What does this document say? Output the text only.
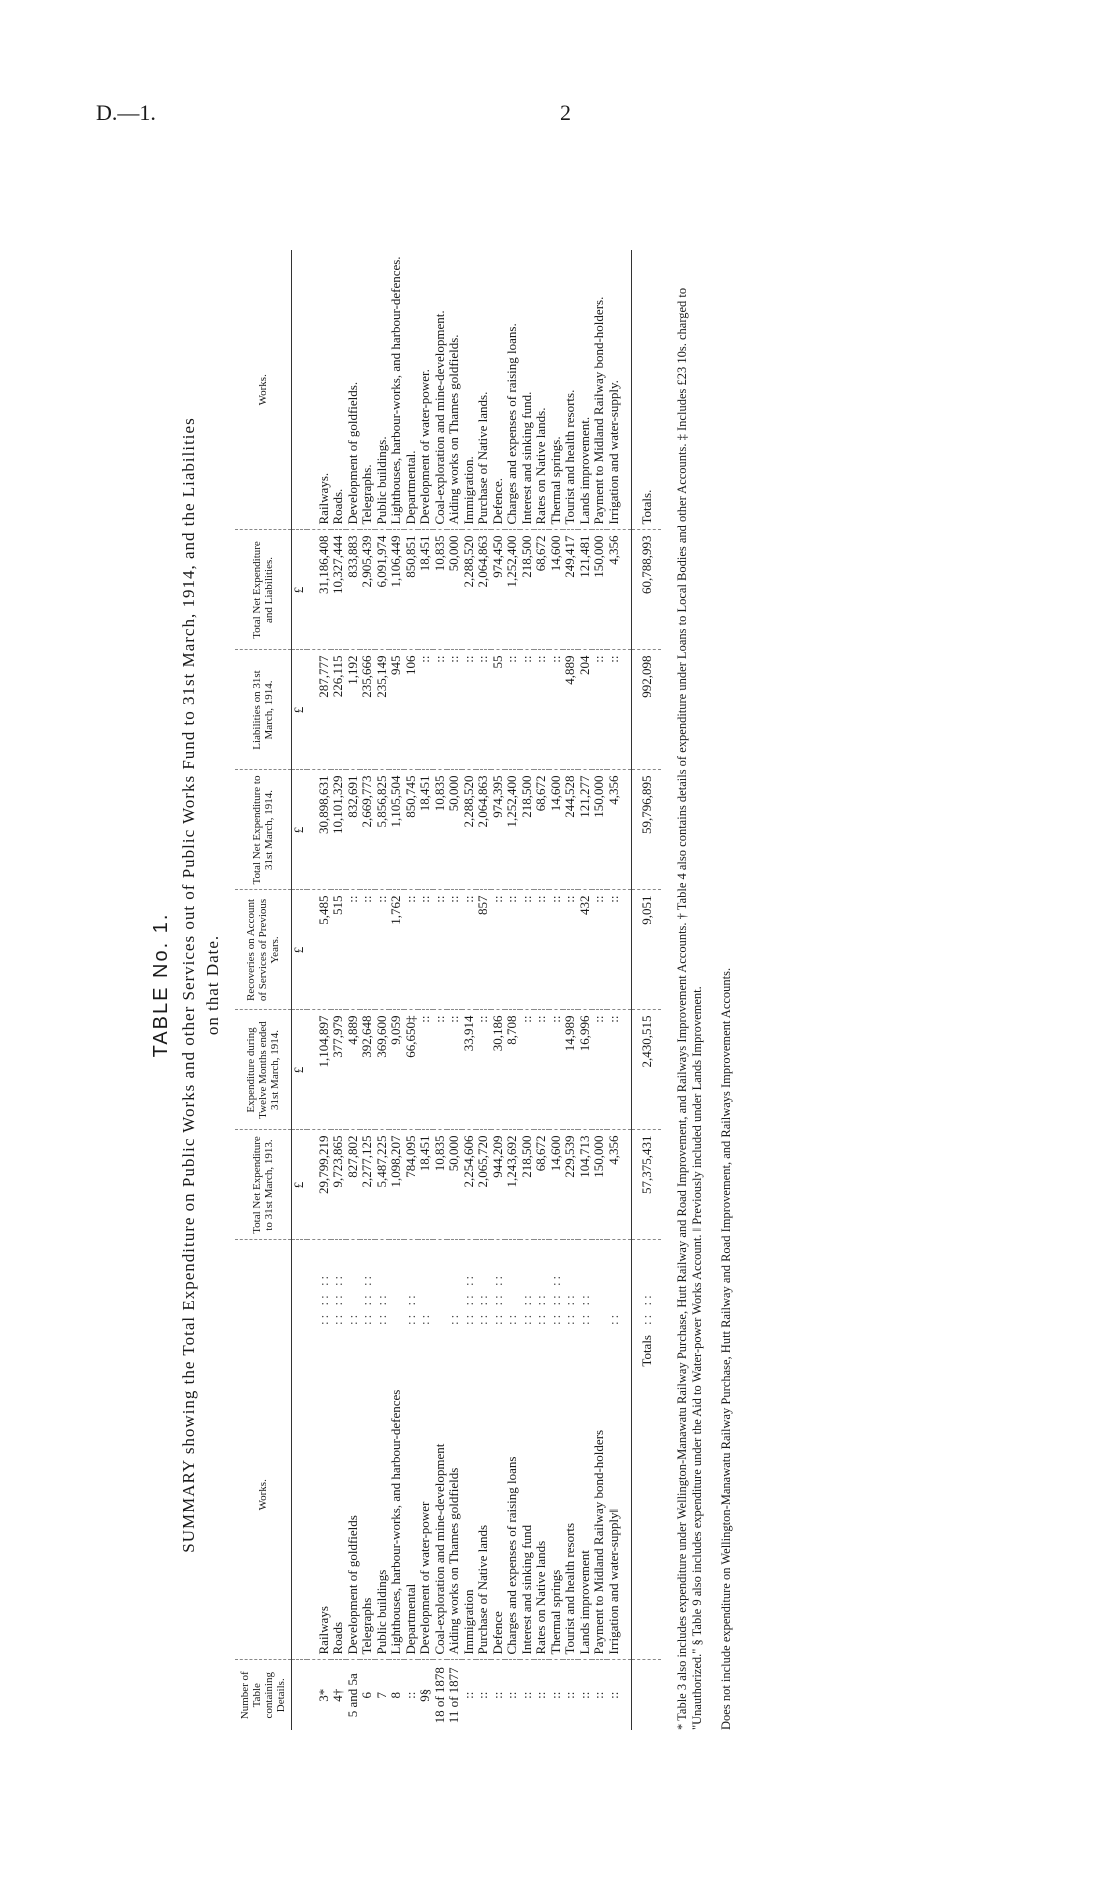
D.—1.	2
TABLE No. 1. SUMMARY showing the Total Expenditure on Public Works and other Services out of Public Works Fund to 31st March, 1914, and the Liabilities on that Date.
Number of Table containing Details.	Works.		Total Net Expenditure to 31st March, 1913.	Expenditure during Twelve Months ended 31st March, 1914.	Recoveries on Account of Services of Previous Years.	Total Net Expenditure to 31st March, 1914.	Liabilities on 31st March, 1914.	Total Net Expenditure and Liabilities.	Works.
			£	£	£	£	£	£	
3*	Railways	:: :: ::	29,799,219	1,104,897	5,485	30,898,631	287,777	31,186,408	Railways.
4†	Roads	:: :: ::	9,723,865	377,979	515	10,101,329	226,115	10,327,444	Roads.
5 and 5a	Development of goldfields	::	827,802	4,889	::	832,691	1,192	833,883	Development of goldfields.
6	Telegraphs	:: :: ::	2,277,125	392,648	::	2,669,773	235,666	2,905,439	Telegraphs.
7	Public buildings	:: ::	5,487,225	369,600	::	5,856,825	235,149	6,091,974	Public buildings.
8	Lighthouses, harbour-works, and harbour-defences		1,098,207	9,059	1,762	1,105,504	945	1,106,449	Lighthouses, harbour-works, and harbour-defences.
::	Departmental	:: ::	784,095	66,650‡	::	850,745	106	850,851	Departmental.
9§	Development of water-power	::	18,451	::	::	18,451	::	18,451	Development of water-power.
18 of 1878	Coal-exploration and mine-development		10,835	::	::	10,835	::	10,835	Coal-exploration and mine-development.
11 of 1877	Aiding works on Thames goldfields	::	50,000	::	::	50,000	::	50,000	Aiding works on Thames goldfields.
::	Immigration	:: :: ::	2,254,606	33,914	::	2,288,520	::	2,288,520	Immigration.
::	Purchase of Native lands	:: ::	2,065,720	::	857	2,064,863	::	2,064,863	Purchase of Native lands.
::	Defence	:: :: ::	944,209	30,186	::	974,395	55	974,450	Defence.
::	Charges and expenses of raising loans	::	1,243,692	8,708	::	1,252,400	::	1,252,400	Charges and expenses of raising loans.
::	Interest and sinking fund	:: ::	218,500	::	::	218,500	::	218,500	Interest and sinking fund.
::	Rates on Native lands	:: ::	68,672	::	::	68,672	::	68,672	Rates on Native lands.
::	Thermal springs	:: :: ::	14,600	::	::	14,600	::	14,600	Thermal springs.
::	Tourist and health resorts	:: ::	229,539	14,989	::	244,528	4,889	249,417	Tourist and health resorts.
::	Lands improvement	:: ::	104,713	16,996	432	121,277	204	121,481	Lands improvement.
::	Payment to Midland Railway bond-holders		150,000	::	::	150,000	::	150,000	Payment to Midland Railway bond-holders.
::	Irrigation and water-supply‖	::	4,356	::	::	4,356	::	4,356	Irrigation and water-supply.
	Totals	:: ::	57,375,431	2,430,515	9,051	59,796,895	992,098	60,788,993	Totals. * Table 3 also includes expenditure under Wellington-Manawatu Railway Purchase, Hutt Railway and Road Improvement, and Railways Improvement Accounts. † Table 4 also contains details of expenditure under Loans to Local Bodies and other Accounts. ‡ Includes £23 10s. charged to "Unauthorized." § Table 9 also includes expenditure under the Aid to Water-power Works Account. ‖ Previously included under Lands Improvement. Does not include expenditure on Wellington-Manawatu Railway Purchase, Hutt Railway and Road Improvement, and Railways Improvement Accounts.
